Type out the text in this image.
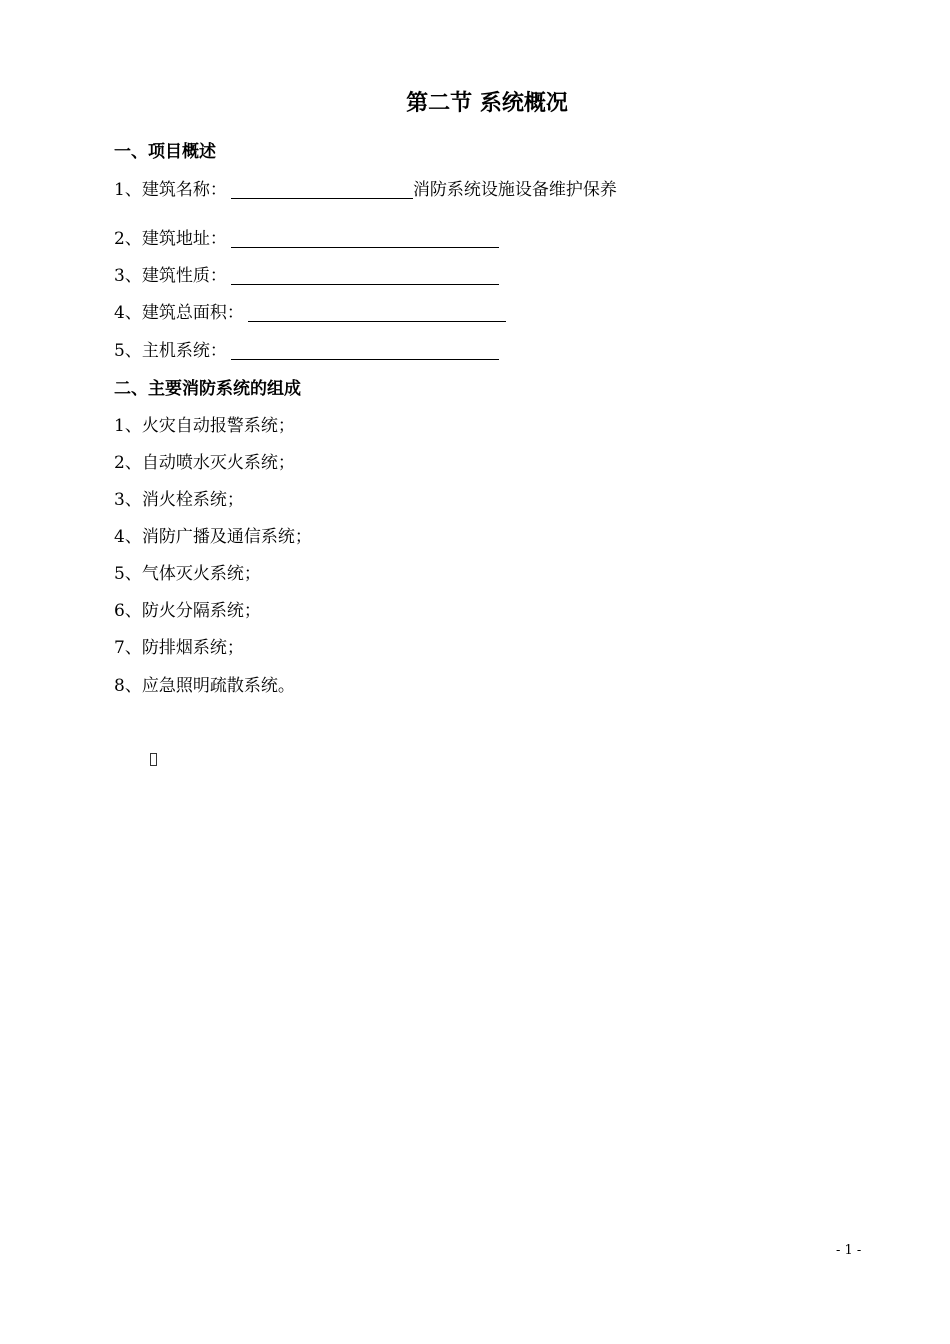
第二节 系统概况
一、项目概述
1、建筑名称：	消防系统设施设备维护保养
2、建筑地址：
3、建筑性质：
4、建筑总面积：
5、主机系统：
二、主要消防系统的组成
1、火灾自动报警系统；
2、自动喷水灭火系统；
3、消火栓系统；
4、消防广播及通信系统；
5、气体灭火系统；
6、防火分隔系统；
7、防排烟系统；
8、应急照明疏散系统。
- 1 -
